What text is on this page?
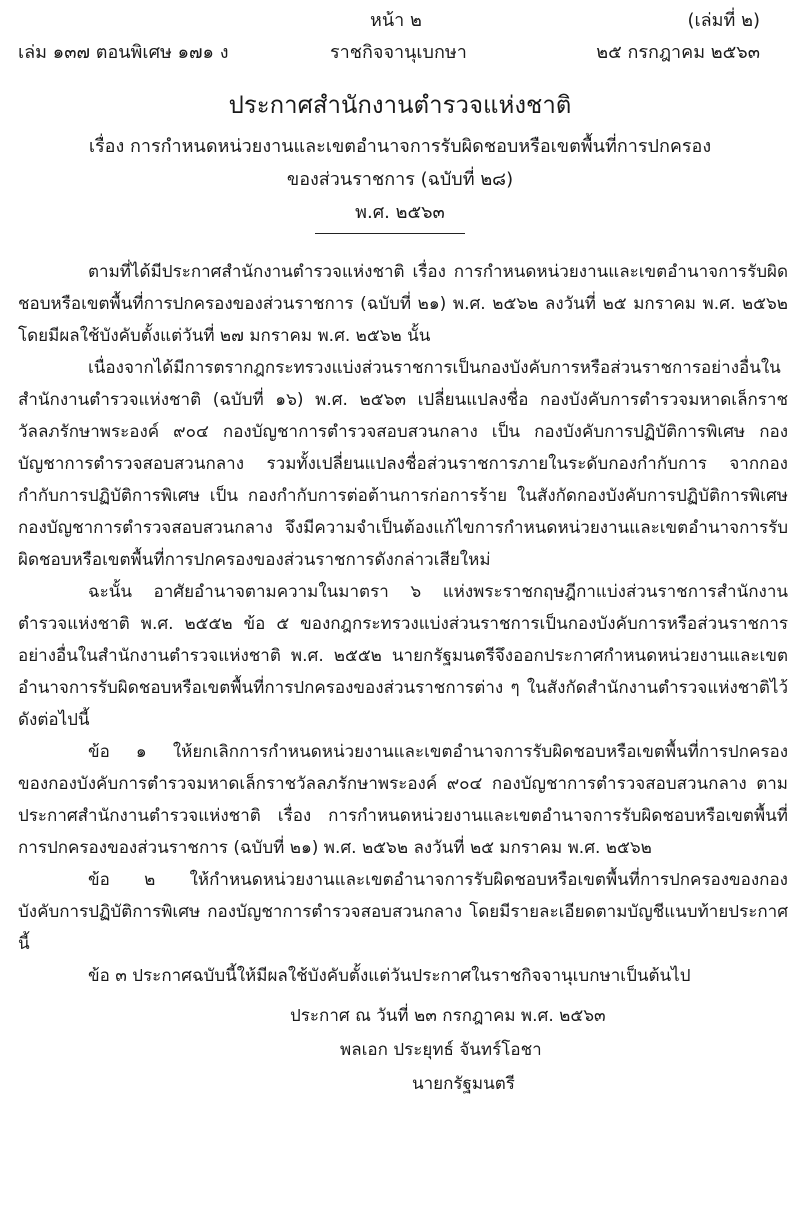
หน้า ๒	(เล่มที่ ๒)
เล่ม ๑๓๗ ตอนพิเศษ ๑๗๑ ง	ราชกิจจานุเบกษา	๒๕ กรกฎาคม ๒๕๖๓
ประกาศสำนักงานตำรวจแห่งชาติ
เรื่อง การกำหนดหน่วยงานและเขตอำนาจการรับผิดชอบหรือเขตพื้นที่การปกครอง
ของส่วนราชการ (ฉบับที่ ๒๘)
พ.ศ. ๒๕๖๓

ตามที่ได้มีประกาศสำนักงานตำรวจแห่งชาติ เรื่อง การกำหนดหน่วยงานและเขตอำนาจการรับผิดชอบหรือเขตพื้นที่การปกครองของส่วนราชการ (ฉบับที่ ๒๑) พ.ศ. ๒๕๖๒ ลงวันที่ ๒๕ มกราคม พ.ศ. ๒๕๖๒ โดยมีผลใช้บังคับตั้งแต่วันที่ ๒๗ มกราคม พ.ศ. ๒๕๖๒ นั้น

เนื่องจากได้มีการตรากฎกระทรวงแบ่งส่วนราชการเป็นกองบังคับการหรือส่วนราชการอย่างอื่นในสำนักงานตำรวจแห่งชาติ (ฉบับที่ ๑๖) พ.ศ. ๒๕๖๓ เปลี่ยนแปลงชื่อ กองบังคับการตำรวจมหาดเล็กราชวัลลภรักษาพระองค์ ๙๐๔ กองบัญชาการตำรวจสอบสวนกลาง เป็น กองบังคับการปฏิบัติการพิเศษ กองบัญชาการตำรวจสอบสวนกลาง รวมทั้งเปลี่ยนแปลงชื่อส่วนราชการภายในระดับกองกำกับการ จากกองกำกับการปฏิบัติการพิเศษ เป็น กองกำกับการต่อต้านการก่อการร้าย ในสังกัดกองบังคับการปฏิบัติการพิเศษ กองบัญชาการตำรวจสอบสวนกลาง จึงมีความจำเป็นต้องแก้ไขการกำหนดหน่วยงานและเขตอำนาจการรับผิดชอบหรือเขตพื้นที่การปกครองของส่วนราชการดังกล่าวเสียใหม่

ฉะนั้น อาศัยอำนาจตามความในมาตรา ๖ แห่งพระราชกฤษฎีกาแบ่งส่วนราชการสำนักงานตำรวจแห่งชาติ พ.ศ. ๒๕๕๒ ข้อ ๕ ของกฎกระทรวงแบ่งส่วนราชการเป็นกองบังคับการหรือส่วนราชการอย่างอื่นในสำนักงานตำรวจแห่งชาติ พ.ศ. ๒๕๕๒ นายกรัฐมนตรีจึงออกประกาศกำหนดหน่วยงานและเขตอำนาจการรับผิดชอบหรือเขตพื้นที่การปกครองของส่วนราชการต่าง ๆ ในสังกัดสำนักงานตำรวจแห่งชาติไว้ ดังต่อไปนี้

ข้อ ๑ ให้ยกเลิกการกำหนดหน่วยงานและเขตอำนาจการรับผิดชอบหรือเขตพื้นที่การปกครองของกองบังคับการตำรวจมหาดเล็กราชวัลลภรักษาพระองค์ ๙๐๔ กองบัญชาการตำรวจสอบสวนกลาง ตามประกาศสำนักงานตำรวจแห่งชาติ เรื่อง การกำหนดหน่วยงานและเขตอำนาจการรับผิดชอบหรือเขตพื้นที่การปกครองของส่วนราชการ (ฉบับที่ ๒๑) พ.ศ. ๒๕๖๒ ลงวันที่ ๒๕ มกราคม พ.ศ. ๒๕๖๒

ข้อ ๒ ให้กำหนดหน่วยงานและเขตอำนาจการรับผิดชอบหรือเขตพื้นที่การปกครองของกองบังคับการปฏิบัติการพิเศษ กองบัญชาการตำรวจสอบสวนกลาง โดยมีรายละเอียดตามบัญชีแนบท้ายประกาศนี้

ข้อ ๓ ประกาศฉบับนี้ให้มีผลใช้บังคับตั้งแต่วันประกาศในราชกิจจานุเบกษาเป็นต้นไป

ประกาศ ณ วันที่ ๒๓ กรกฎาคม พ.ศ. ๒๕๖๓
พลเอก ประยุทธ์ จันทร์โอชา
นายกรัฐมนตรี
